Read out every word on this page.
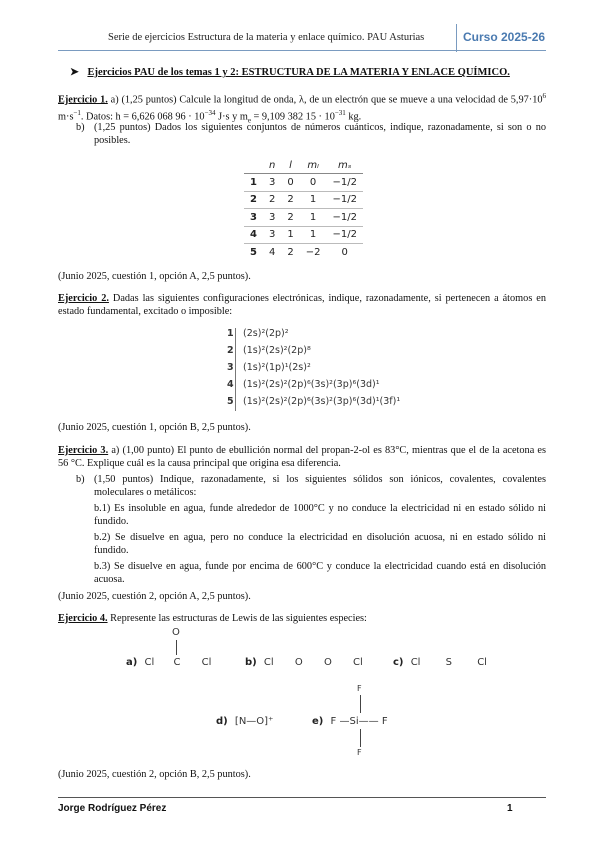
Serie de ejercicios Estructura de la materia y enlace químico. PAU Asturias	Curso 2025-26
➤ Ejercicios PAU de los temas 1 y 2: ESTRUCTURA DE LA MATERIA Y ENLACE QUÍMICO.
Ejercicio 1. a) (1,25 puntos) Calcule la longitud de onda, λ, de un electrón que se mueve a una velocidad de $5,97\cdot 10^6$ $m\cdot s^{-1}$. Datos: h = 6,626 068 $96 \cdot 10^{-34}$ J·s y $m_e = 9,109$ 382 $15 \cdot 10^{-31}$ kg.
b) (1,25 puntos) Dados los siguientes conjuntos de números cuánticos, indique, razonadamente, si son o no posibles.
	n	l	mₗ	mₛ
1	3	0	0	−1/2
2	2	2	1	−1/2
3	3	2	1	−1/2
4	3	1	1	−1/2
5	4	2	−2	0
(Junio 2025, cuestión 1, opción A, 2,5 puntos).
Ejercicio 2. Dadas las siguientes configuraciones electrónicas, indique, razonadamente, si pertenecen a átomos en estado fundamental, excitado o imposible:
1 (2s)²(2p)²
2 (1s)²(2s)²(2p)⁸
3 (1s)²(1p)¹(2s)²
4 (1s)²(2s)²(2p)⁶(3s)²(3p)⁶(3d)¹
5 (1s)²(2s)²(2p)⁶(3s)²(3p)⁶(3d)¹(3f)¹
(Junio 2025, cuestión 1, opción B, 2,5 puntos).
Ejercicio 3. a) (1,00 punto) El punto de ebullición normal del propan-2-ol es 83°C, mientras que el de la acetona es 56 °C. Explique cuál es la causa principal que origina esa diferencia.
b) (1,50 puntos) Indique, razonadamente, si los siguientes sólidos son iónicos, covalentes, covalentes moleculares o metálicos:
b.1) Es insoluble en agua, funde alrededor de 1000°C y no conduce la electricidad ni en estado sólido ni fundido.
b.2) Se disuelve en agua, pero no conduce la electricidad en disolución acuosa, ni en estado sólido ni fundido.
b.3) Se disuelve en agua, funde por encima de 600°C y conduce la electricidad cuando está en disolución acuosa.
(Junio 2025, cuestión 2, opción A, 2,5 puntos).
Ejercicio 4. Represente las estructuras de Lewis de las siguientes especies:
O
a) Cl C Cl	b) Cl O O Cl	c) Cl	S	Cl
d) [N—O]⁺
F
e) F —Si—— F
F
(Junio 2025, cuestión 2, opción B, 2,5 puntos).
Jorge Rodríguez Pérez	1
